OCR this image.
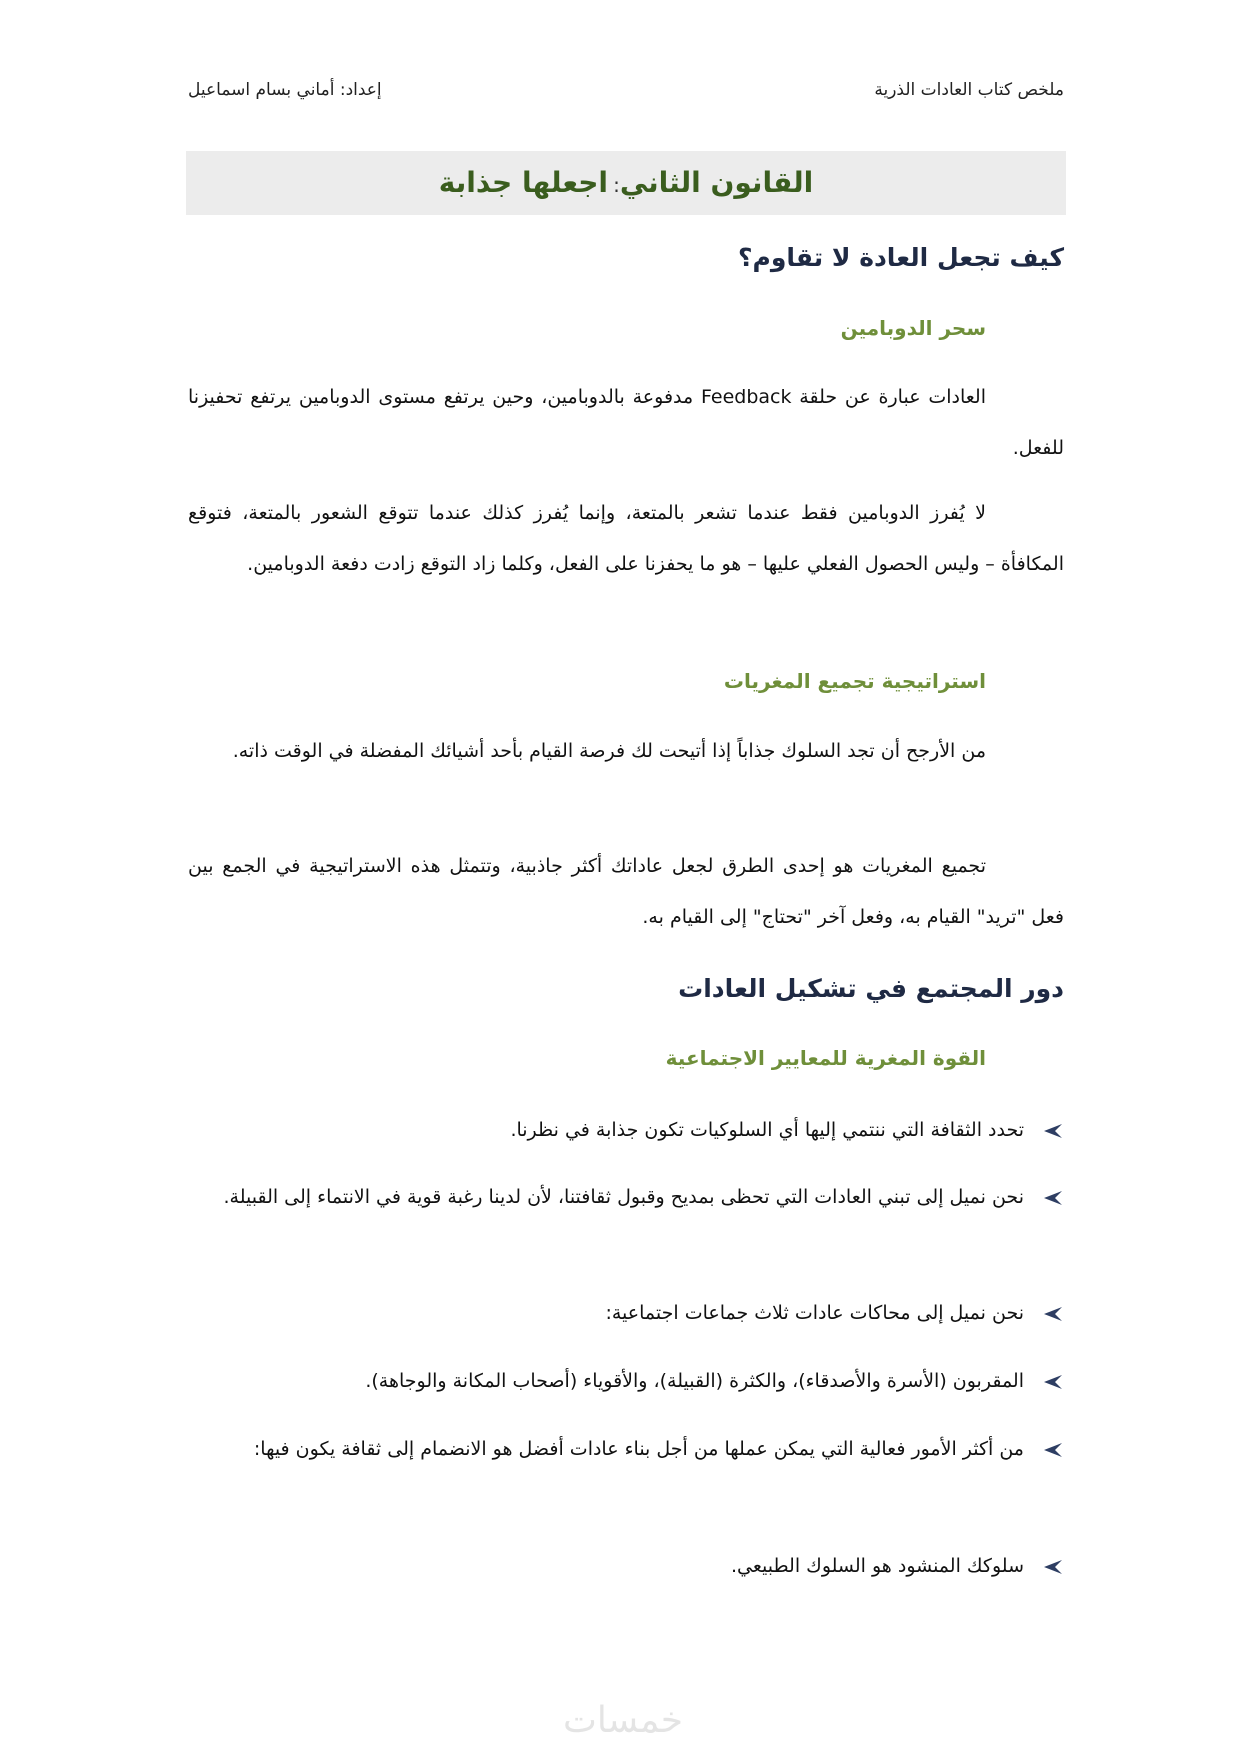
ملخص كتاب العادات الذرية
إعداد: أماني بسام اسماعيل
القانون الثاني: اجعلها جذابة
كيف تجعل العادة لا تقاوم؟
سحر الدوبامين

العادات عبارة عن حلقة Feedback مدفوعة بالدوبامين، وحين يرتفع مستوى الدوبامين يرتفع تحفيزنا للفعل.

لا يُفرز الدوبامين فقط عندما تشعر بالمتعة، وإنما يُفرز كذلك عندما تتوقع الشعور بالمتعة، فتوقع المكافأة – وليس الحصول الفعلي عليها – هو ما يحفزنا على الفعل، وكلما زاد التوقع زادت دفعة الدوبامين.

استراتيجية تجميع المغريات

من الأرجح أن تجد السلوك جذاباً إذا أتيحت لك فرصة القيام بأحد أشيائك المفضلة في الوقت ذاته.

تجميع المغريات هو إحدى الطرق لجعل عاداتك أكثر جاذبية، وتتمثل هذه الاستراتيجية في الجمع بين فعل "تريد" القيام به، وفعل آخر "تحتاج" إلى القيام به.

دور المجتمع في تشكيل العادات
القوة المغرية للمعايير الاجتماعية

تحدد الثقافة التي ننتمي إليها أي السلوكيات تكون جذابة في نظرنا.

نحن نميل إلى تبني العادات التي تحظى بمديح وقبول ثقافتنا، لأن لدينا رغبة قوية في الانتماء إلى القبيلة.

نحن نميل إلى محاكات عادات ثلاث جماعات اجتماعية:

المقربون (الأسرة والأصدقاء)، والكثرة (القبيلة)، والأقوياء (أصحاب المكانة والوجاهة).

من أكثر الأمور فعالية التي يمكن عملها من أجل بناء عادات أفضل هو الانضمام إلى ثقافة يكون فيها:

سلوكك المنشود هو السلوك الطبيعي.

خمسات
